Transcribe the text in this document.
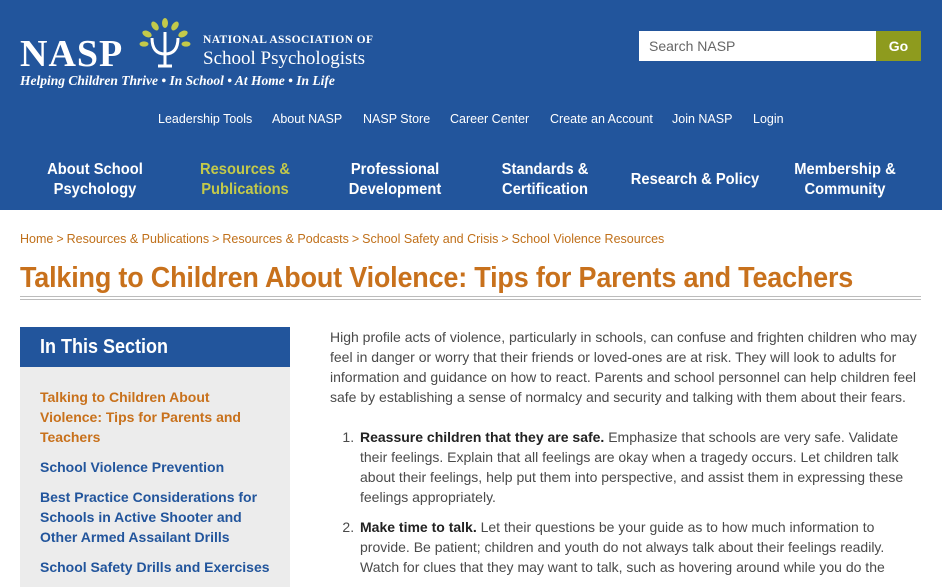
NASP	NATIONAL ASSOCIATION OF
School Psychologists
Helping Children Thrive • In School • At Home • In Life
Search NASP
Go
Leadership Tools About NASP NASP Store Career Center Create an Account Join NASP Login
About School
Psychology
Resources &
Publications
Professional
Development
Standards &
Certification
Research & Policy
Membership &
Community
Home > Resources & Publications > Resources & Podcasts > School Safety and Crisis > School Violence Resources
Talking to Children About Violence: Tips for Parents and Teachers
In This Section
Talking to Children About
Violence: Tips for Parents and
Teachers
School Violence Prevention
Best Practice Considerations for
Schools in Active Shooter and
Other Armed Assailant Drills
School Safety Drills and Exercises

High profile acts of violence, particularly in schools, can confuse and frighten children who may feel in danger or worry that their friends or loved-ones are at risk. They will look to adults for information and guidance on how to react. Parents and school personnel can help children feel safe by establishing a sense of normalcy and security and talking with them about their fears.

1. Reassure children that they are safe. Emphasize that schools are very safe. Validate their feelings. Explain that all feelings are okay when a tragedy occurs. Let children talk about their feelings, help put them into perspective, and assist them in expressing these feelings appropriately.
2. Make time to talk. Let their questions be your guide as to how much information to provide. Be patient; children and youth do not always talk about their feelings readily. Watch for clues that they may want to talk, such as hovering around while you do the
